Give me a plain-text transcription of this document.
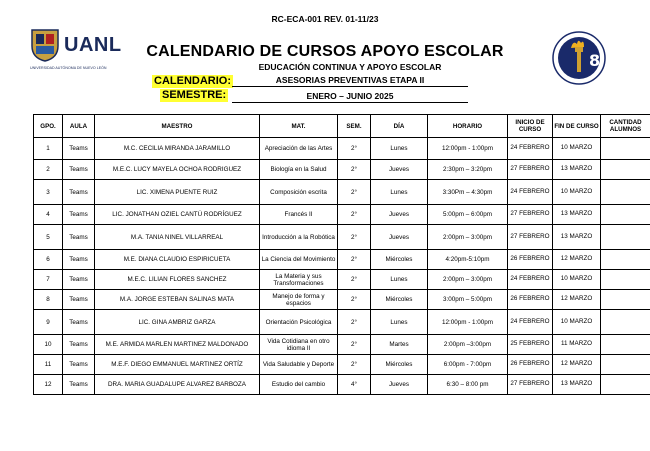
RC-ECA-001 REV. 01-11/23
UANL
UNIVERSIDAD AUTÓNOMA DE NUEVO LEÓN	8
CALENDARIO DE CURSOS APOYO ESCOLAR
EDUCACIÓN CONTINUA Y APOYO ESCOLAR
CALENDARIO:	ASESORIAS PREVENTIVAS ETAPA II
SEMESTRE:	ENERO – JUNIO 2025
GPO.	AULA	MAESTRO	MAT.	SEM.	DÍA	HORARIO	INICIO DE CURSO	FIN DE CURSO	CANTIDAD ALUMNOS
1	Teams	M.C. CECILIA MIRANDA JARAMILLO	Apreciación de las Artes	2°	Lunes	12:00pm - 1:00pm	24 FEBRERO	10 MARZO	
2	Teams	M.E.C. LUCY MAYELA OCHOA RODRIGUEZ	Biología en la Salud	2°	Jueves	2:30pm – 3:20pm	27 FEBRERO	13 MARZO	
3	Teams	LIC. XIMENA PUENTE RUIZ	Composición escrita	2°	Lunes	3:30Pm – 4:30pm	24 FEBRERO	10 MARZO	
4	Teams	LIC. JONATHAN OZIEL CANTÚ RODRÍGUEZ	Francés II	2°	Jueves	5:00pm – 6:00pm	27 FEBRERO	13 MARZO	
5	Teams	M.A. TANIA NINEL VILLARREAL	Introducción a la Robótica	2°	Jueves	2:00pm – 3:00pm	27 FEBRERO	13 MARZO	
6	Teams	M.E. DIANA CLAUDIO ESPIRICUETA	La Ciencia del Movimiento	2°	Miércoles	4:20pm-5:10pm	26 FEBRERO	12 MARZO	
7	Teams	M.E.C. LILIAN FLORES SANCHEZ	La Materia y sus Transformaciones	2°	Lunes	2:00pm – 3:00pm	24 FEBRERO	10 MARZO	
8	Teams	M.A. JORGE ESTEBAN SALINAS MATA	Manejo de forma y espacios	2°	Miércoles	3:00pm – 5:00pm	26 FEBRERO	12 MARZO	
9	Teams	LIC. GINA AMBRIZ GARZA	Orientación Psicológica	2°	Lunes	12:00pm - 1:00pm	24 FEBRERO	10 MARZO	
10	Teams	M.E. ARMIDA MARLEN MARTINEZ MALDONADO	Vida Cotidiana en otro idioma II	2°	Martes	2:00pm –3:00pm	25 FEBRERO	11 MARZO	
11	Teams	M.E.F. DIEGO EMMANUEL MARTINEZ ORTÍZ	Vida Saludable y Deporte	2°	Miércoles	6:00pm - 7:00pm	26 FEBRERO	12 MARZO	
12	Teams	DRA. MARIA GUADALUPE ALVAREZ BARBOZA	Estudio del cambio	4°	Jueves	6:30 – 8:00 pm	27 FEBRERO	13 MARZO	
